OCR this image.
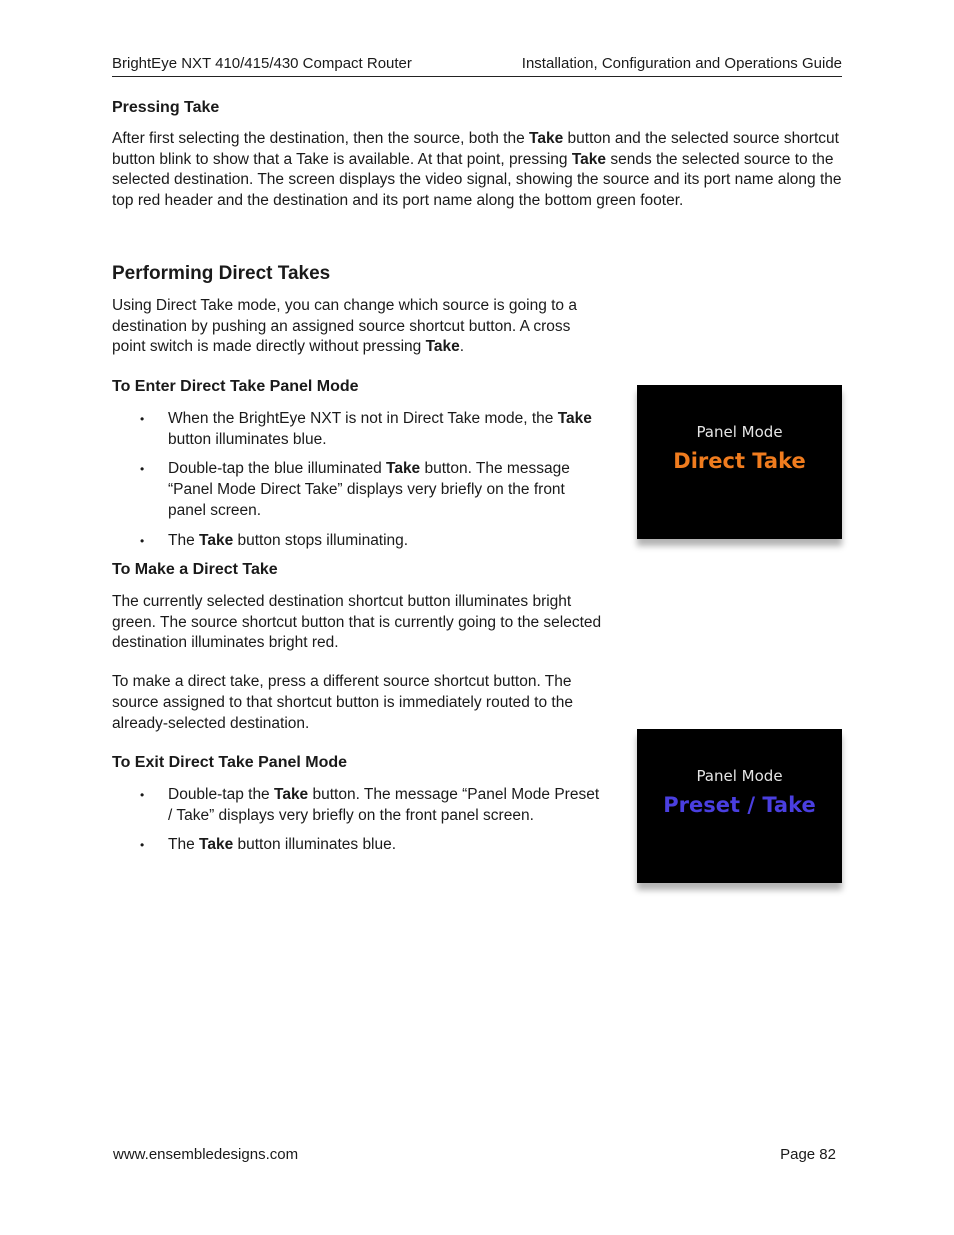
BrightEye NXT 410/415/430 Compact Router	Installation, Configuration and Operations Guide
Pressing Take

After first selecting the destination, then the source, both the Take button and the selected source shortcut button blink to show that a Take is available. At that point, pressing Take sends the selected source to the selected destination. The screen displays the video signal, showing the source and its port name along the top red header and the destination and its port name along the bottom green footer.

Performing Direct Takes

Using Direct Take mode, you can change which source is going to a destination by pushing an assigned source shortcut button. A cross point switch is made directly without pressing Take.

To Enter Direct Take Panel Mode
• When the BrightEye NXT is not in Direct Take mode, the Take button illuminates blue.
• Double-tap the blue illuminated Take button. The message “Panel Mode Direct Take” displays very briefly on the front panel screen.
• The Take button stops illuminating.
To Make a Direct Take

The currently selected destination shortcut button illuminates bright green. The source shortcut button that is currently going to the selected destination illuminates bright red.

To make a direct take, press a different source shortcut button. The source assigned to that shortcut button is immediately routed to the already-selected destination.

To Exit Direct Take Panel Mode
• Double-tap the Take button. The message “Panel Mode Preset / Take” displays very briefly on the front panel screen.
• The Take button illuminates blue.
Panel Mode
Direct Take
Panel Mode
Preset / Take
www.ensembledesigns.com	Page 82
